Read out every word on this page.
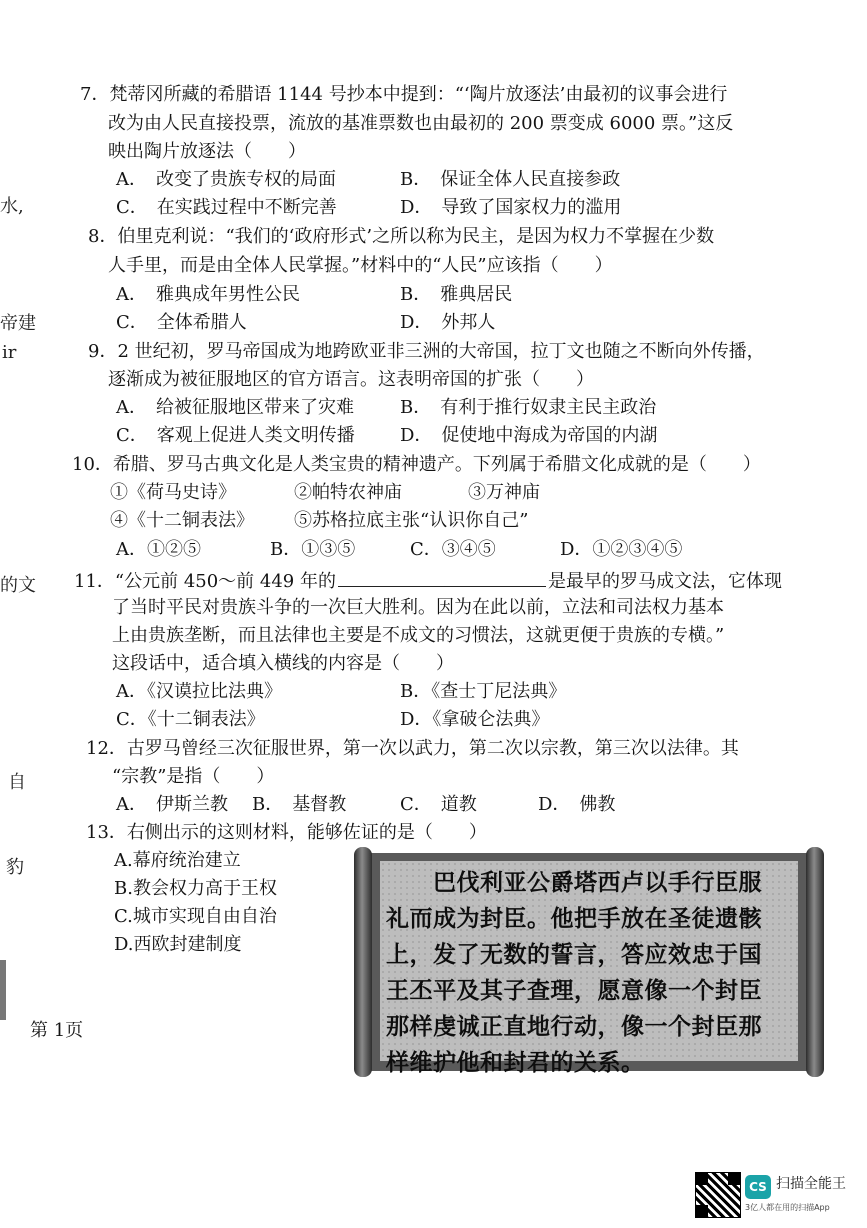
水,
帝建
ir
的文
自
豹
7．梵蒂冈所藏的希腊语 1144 号抄本中提到：“‘陶片放逐法’由最初的议事会进行
改为由人民直接投票，流放的基准票数也由最初的 200 票变成 6000 票。”这反
映出陶片放逐法（　　）
A．　改变了贵族专权的局面	B．　保证全体人民直接参政
C．　在实践过程中不断完善	D．　导致了国家权力的滥用
8．伯里克利说：“我们的‘政府形式’之所以称为民主，是因为权力不掌握在少数
人手里，而是由全体人民掌握。”材料中的“人民”应该指（　　）
A．　雅典成年男性公民	B．　雅典居民
C．　全体希腊人	D．　外邦人
9．2 世纪初，罗马帝国成为地跨欧亚非三洲的大帝国，拉丁文也随之不断向外传播，
逐渐成为被征服地区的官方语言。这表明帝国的扩张（　　）
A．　给被征服地区带来了灾难	B．　有利于推行奴隶主民主政治
C．　客观上促进人类文明传播	D．　促使地中海成为帝国的内湖
10．希腊、罗马古典文化是人类宝贵的精神遗产。下列属于希腊文化成就的是（　　）
①《荷马史诗》	②帕特农神庙	③万神庙
④《十二铜表法》 ⑤苏格拉底主张“认识你自己”
A．①②⑤	B．①③⑤	C．③④⑤	D．①②③④⑤
11．“公元前 450～前 449 年的	是最早的罗马成文法，它体现
了当时平民对贵族斗争的一次巨大胜利。因为在此以前，立法和司法权力基本
上由贵族垄断，而且法律也主要是不成文的习惯法，这就更便于贵族的专横。”
这段话中，适合填入横线的内容是（　　）
A．《汉谟拉比法典》	B．《查士丁尼法典》
C．《十二铜表法》	D．《拿破仑法典》
12．古罗马曾经三次征服世界，第一次以武力，第二次以宗教，第三次以法律。其
“宗教”是指（　　）
A．　伊斯兰教 B．　基督教	C．　道教	D．　佛教
13．右侧出示的这则材料，能够佐证的是（　　）
A.幕府统治建立
B.教会权力高于王权
C.城市实现自由自治
D.西欧封建制度
　　巴伐利亚公爵塔西卢以手行臣服
礼而成为封臣。他把手放在圣徒遗骸
上，发了无数的誓言，答应效忠于国
王丕平及其子查理，愿意像一个封臣
那样虔诚正直地行动，像一个封臣那
样维护他和封君的关系。
第 1页
CS 扫描全能王
3亿人都在用的扫描App
